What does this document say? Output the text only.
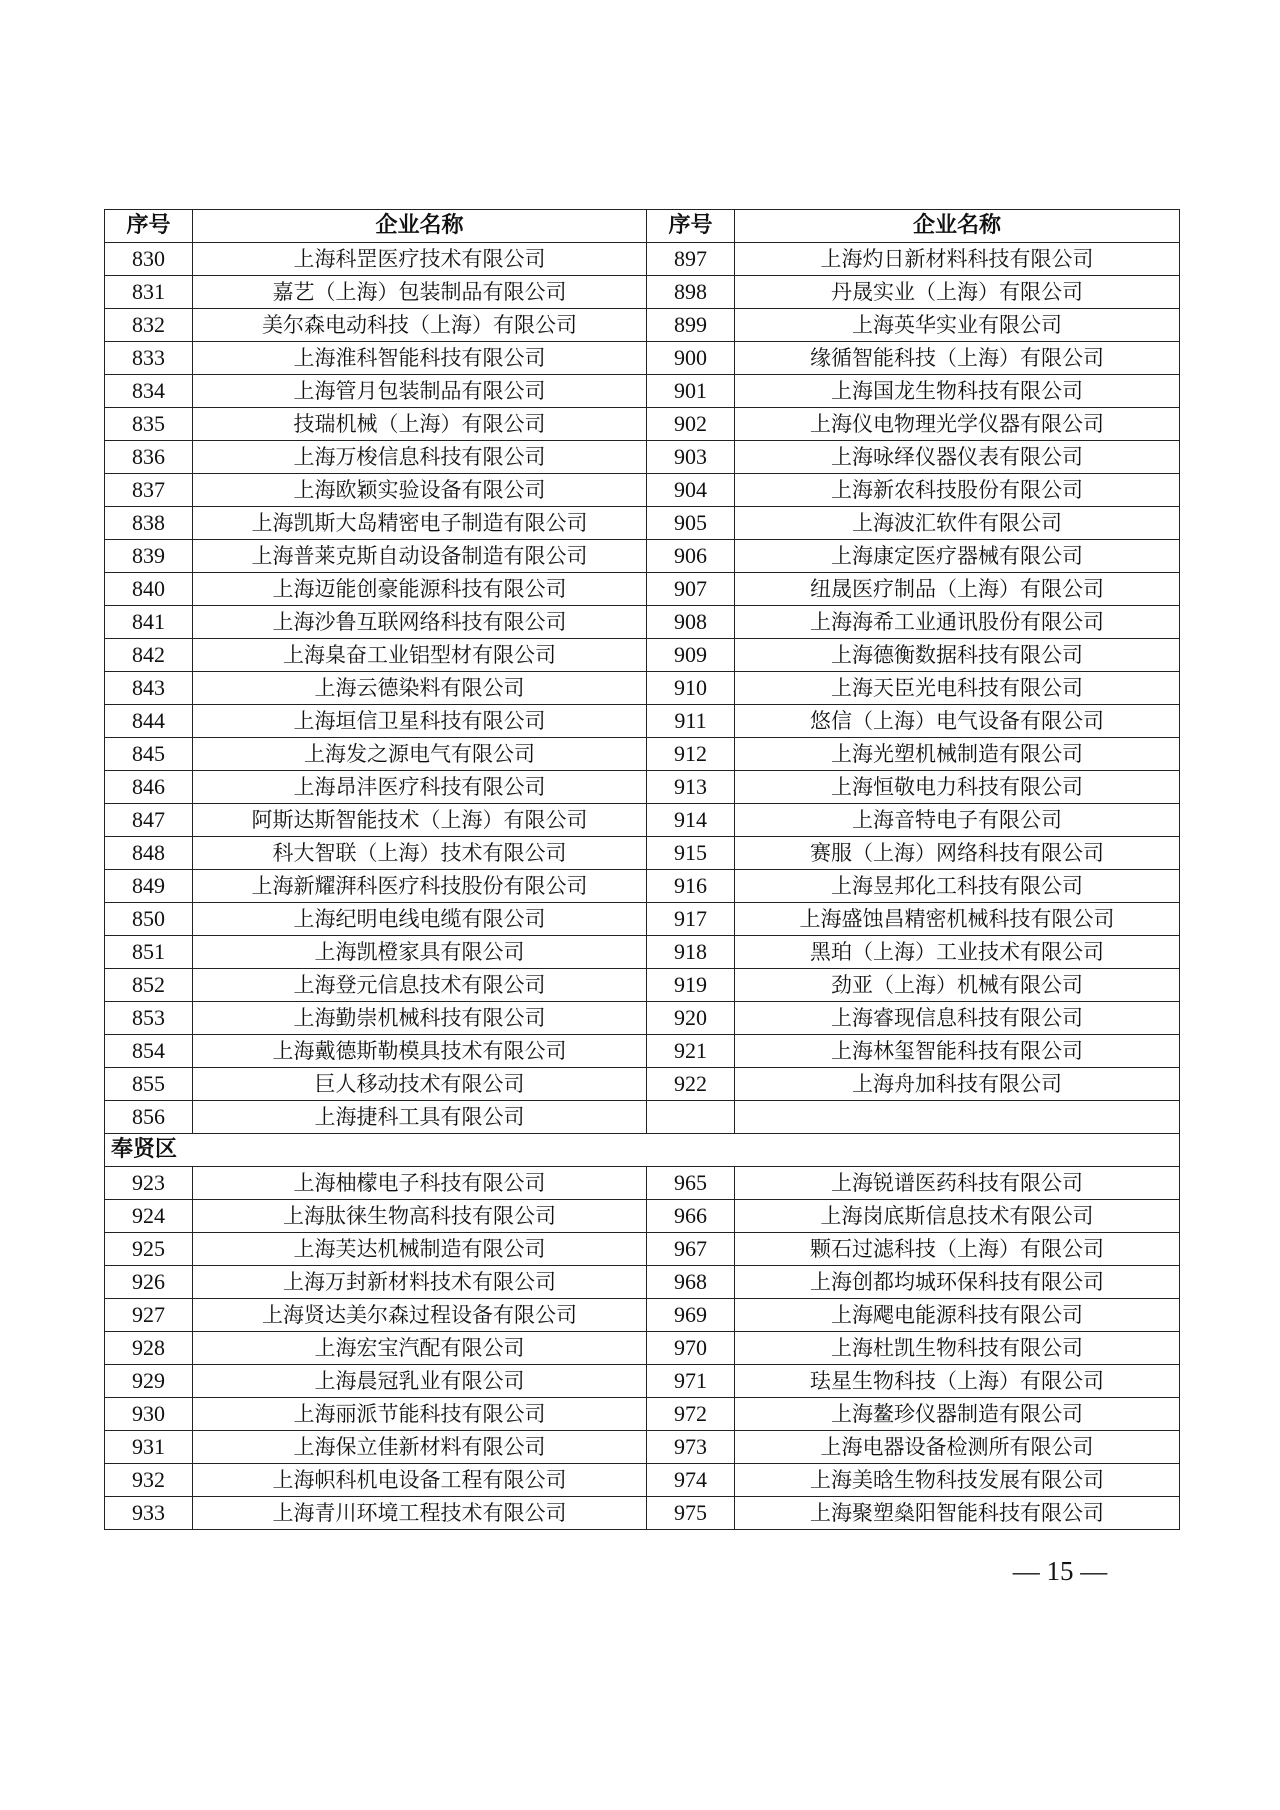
序号	企业名称	序号	企业名称
830	上海科罡医疗技术有限公司	897	上海灼日新材料科技有限公司
831	嘉艺（上海）包装制品有限公司	898	丹晟实业（上海）有限公司
832	美尔森电动科技（上海）有限公司	899	上海英华实业有限公司
833	上海淮科智能科技有限公司	900	缘循智能科技（上海）有限公司
834	上海管月包装制品有限公司	901	上海国龙生物科技有限公司
835	技瑞机械（上海）有限公司	902	上海仪电物理光学仪器有限公司
836	上海万梭信息科技有限公司	903	上海咏绎仪器仪表有限公司
837	上海欧颖实验设备有限公司	904	上海新农科技股份有限公司
838	上海凯斯大岛精密电子制造有限公司	905	上海波汇软件有限公司
839	上海普莱克斯自动设备制造有限公司	906	上海康定医疗器械有限公司
840	上海迈能创豪能源科技有限公司	907	纽晟医疗制品（上海）有限公司
841	上海沙鲁互联网络科技有限公司	908	上海海希工业通讯股份有限公司
842	上海臬奋工业铝型材有限公司	909	上海德衡数据科技有限公司
843	上海云德染料有限公司	910	上海天臣光电科技有限公司
844	上海垣信卫星科技有限公司	911	悠信（上海）电气设备有限公司
845	上海发之源电气有限公司	912	上海光塑机械制造有限公司
846	上海昂沣医疗科技有限公司	913	上海恒敬电力科技有限公司
847	阿斯达斯智能技术（上海）有限公司	914	上海音特电子有限公司
848	科大智联（上海）技术有限公司	915	赛服（上海）网络科技有限公司
849	上海新耀湃科医疗科技股份有限公司	916	上海昱邦化工科技有限公司
850	上海纪明电线电缆有限公司	917	上海盛蚀昌精密机械科技有限公司
851	上海凯橙家具有限公司	918	黑珀（上海）工业技术有限公司
852	上海登元信息技术有限公司	919	劲亚（上海）机械有限公司
853	上海勤崇机械科技有限公司	920	上海睿现信息科技有限公司
854	上海戴德斯勒模具技术有限公司	921	上海林玺智能科技有限公司
855	巨人移动技术有限公司	922	上海舟加科技有限公司
856	上海捷科工具有限公司		
奉贤区			
923	上海柚檬电子科技有限公司	965	上海锐谱医药科技有限公司
924	上海肽徕生物高科技有限公司	966	上海岗底斯信息技术有限公司
925	上海芙达机械制造有限公司	967	颗石过滤科技（上海）有限公司
926	上海万封新材料技术有限公司	968	上海创都均城环保科技有限公司
927	上海贤达美尔森过程设备有限公司	969	上海飔电能源科技有限公司
928	上海宏宝汽配有限公司	970	上海杜凯生物科技有限公司
929	上海晨冠乳业有限公司	971	珐星生物科技（上海）有限公司
930	上海丽派节能科技有限公司	972	上海鳌珍仪器制造有限公司
931	上海保立佳新材料有限公司	973	上海电器设备检测所有限公司
932	上海帜科机电设备工程有限公司	974	上海美晗生物科技发展有限公司
933	上海青川环境工程技术有限公司	975	上海聚塑燊阳智能科技有限公司
— 15 —
